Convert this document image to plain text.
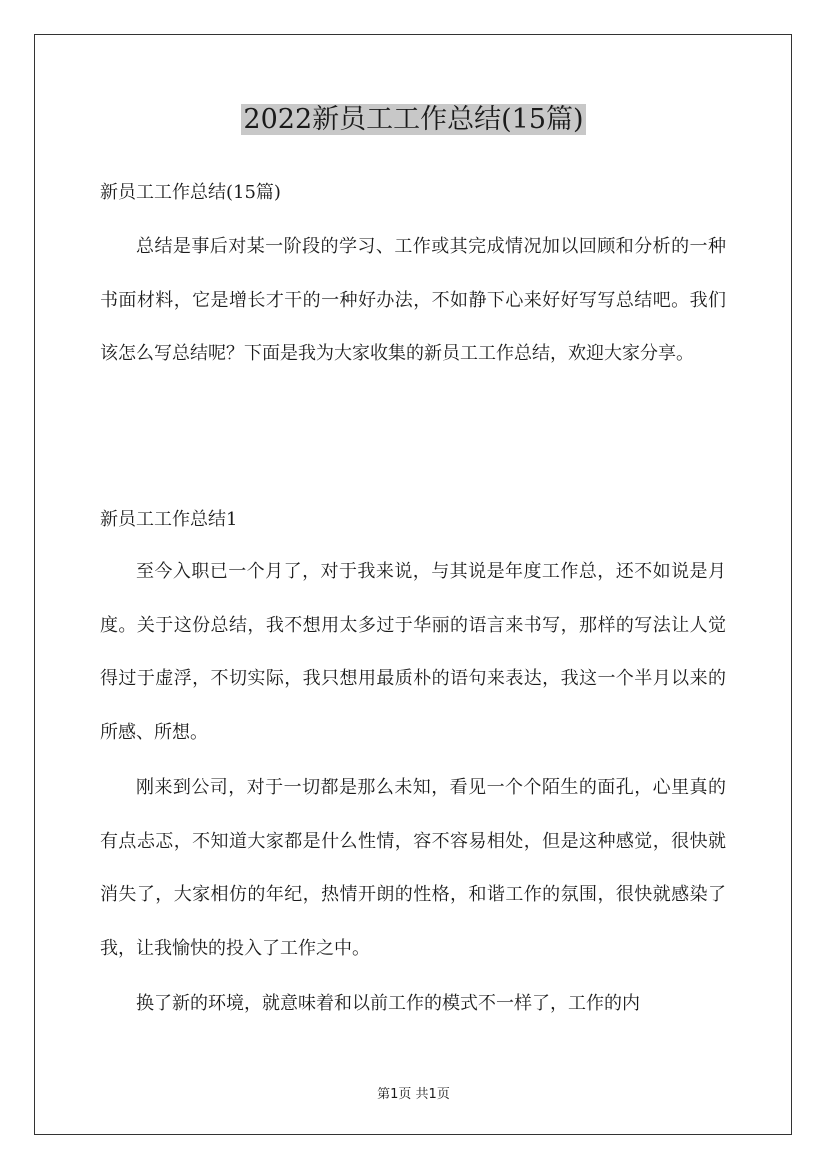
2022新员工工作总结(15篇)
新员工工作总结(15篇)
总结是事后对某一阶段的学习、工作或其完成情况加以回顾和分析的一种书面材料，它是增长才干的一种好办法，不如静下心来好好写写总结吧。我们该怎么写总结呢？下面是我为大家收集的新员工工作总结，欢迎大家分享。
新员工工作总结1
至今入职已一个月了，对于我来说，与其说是年度工作总，还不如说是月度。关于这份总结，我不想用太多过于华丽的语言来书写，那样的写法让人觉得过于虚浮，不切实际，我只想用最质朴的语句来表达，我这一个半月以来的所感、所想。
刚来到公司，对于一切都是那么未知，看见一个个陌生的面孔，心里真的有点忐忑，不知道大家都是什么性情，容不容易相处，但是这种感觉，很快就消失了，大家相仿的年纪，热情开朗的性格，和谐工作的氛围，很快就感染了我，让我愉快的投入了工作之中。
换了新的环境，就意味着和以前工作的模式不一样了，工作的内
第1页 共1页
